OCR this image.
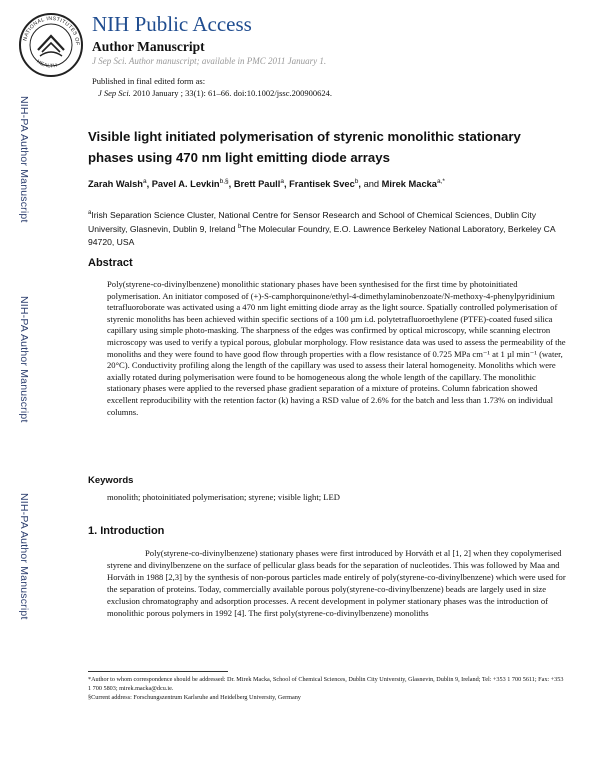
NATIONAL INSTITUTES OF
HEALTH
NIH Public Access
Author Manuscript
J Sep Sci. Author manuscript; available in PMC 2011 January 1.
Published in final edited form as:
J Sep Sci. 2010 January ; 33(1): 61–66. doi:10.1002/jssc.200900624.
NIH-PA Author Manuscript
NIH-PA Author Manuscript
NIH-PA Author Manuscript
Visible light initiated polymerisation of styrenic monolithic stationary phases using 470 nm light emitting diode arrays
Zarah Walsh$^a$, Pavel A. Levkin$^{b,\S}$, Brett Paull$^a$, Frantisek Svec$^b$, and Mirek Macka$^{a,*}$
$^a$Irish Separation Science Cluster, National Centre for Sensor Research and School of Chemical Sciences, Dublin City University, Glasnevin, Dublin 9, Ireland $^b$The Molecular Foundry, E.O. Lawrence Berkeley National Laboratory, Berkeley CA 94720, USA
Abstract

Poly(styrene-co-divinylbenzene) monolithic stationary phases have been synthesised for the first time by photoinitiated polymerisation. An initiator composed of (+)-S-camphorquinone/ethyl-4-dimethylaminobenzoate/N-methoxy-4-phenylpyridinium tetrafluoroborate was activated using a 470 nm light emitting diode array as the light source. Spatially controlled polymerisation of styrenic monoliths has been achieved within specific sections of a 100 µm i.d. polytetrafluoroethylene (PTFE)-coated fused silica capillary using simple photo-masking. The sharpness of the edges was confirmed by optical microscopy, while scanning electron microscopy was used to verify a typical porous, globular morphology. Flow resistance data was used to assess the permeability of the monoliths and they were found to have good flow through properties with a flow resistance of 0.725 MPa cm⁻¹ at 1 µl min⁻¹ (water, 20°C). Conductivity profiling along the length of the capillary was used to assess their lateral homogeneity. Monoliths which were axially rotated during polymerisation were found to be homogeneous along the whole length of the capillary. The monolithic stationary phases were applied to the reversed phase gradient separation of a mixture of proteins. Column fabrication showed excellent reproducibility with the retention factor (k) having a RSD value of 2.6% for the batch and less than 1.73% on individual columns.

Keywords
monolith; photoinitiated polymerisation; styrene; visible light; LED
1. Introduction
Poly(styrene-co-divinylbenzene) stationary phases were first introduced by Horváth et al [1, 2] when they copolymerised styrene and divinylbenzene on the surface of pellicular glass beads for the separation of nucleotides. This was followed by Maa and Horváth in 1988 [2,3] by the synthesis of non-porous particles made entirely of poly(styrene-co-divinylbenzene) which were used for the separation of proteins. Today, commercially available porous poly(styrene-co-divinylbenzene) beads are largely used in size exclusion chromatography and adsorption processes. A recent development in polymer stationary phases was the introduction of monolithic porous polymers in 1992 [4]. The first poly(styrene-co-divinylbenzene) monoliths

*Author to whom correspondence should be addressed: Dr. Mirek Macka, School of Chemical Sciences, Dublin City University, Glasnevin, Dublin 9, Ireland; Tel: +353 1 700 5611; Fax: +353 1 700 5803; mirek.macka@dcu.ie.

§Current address: Forschungszentrum Karlsruhe and Heidelberg University, Germany
